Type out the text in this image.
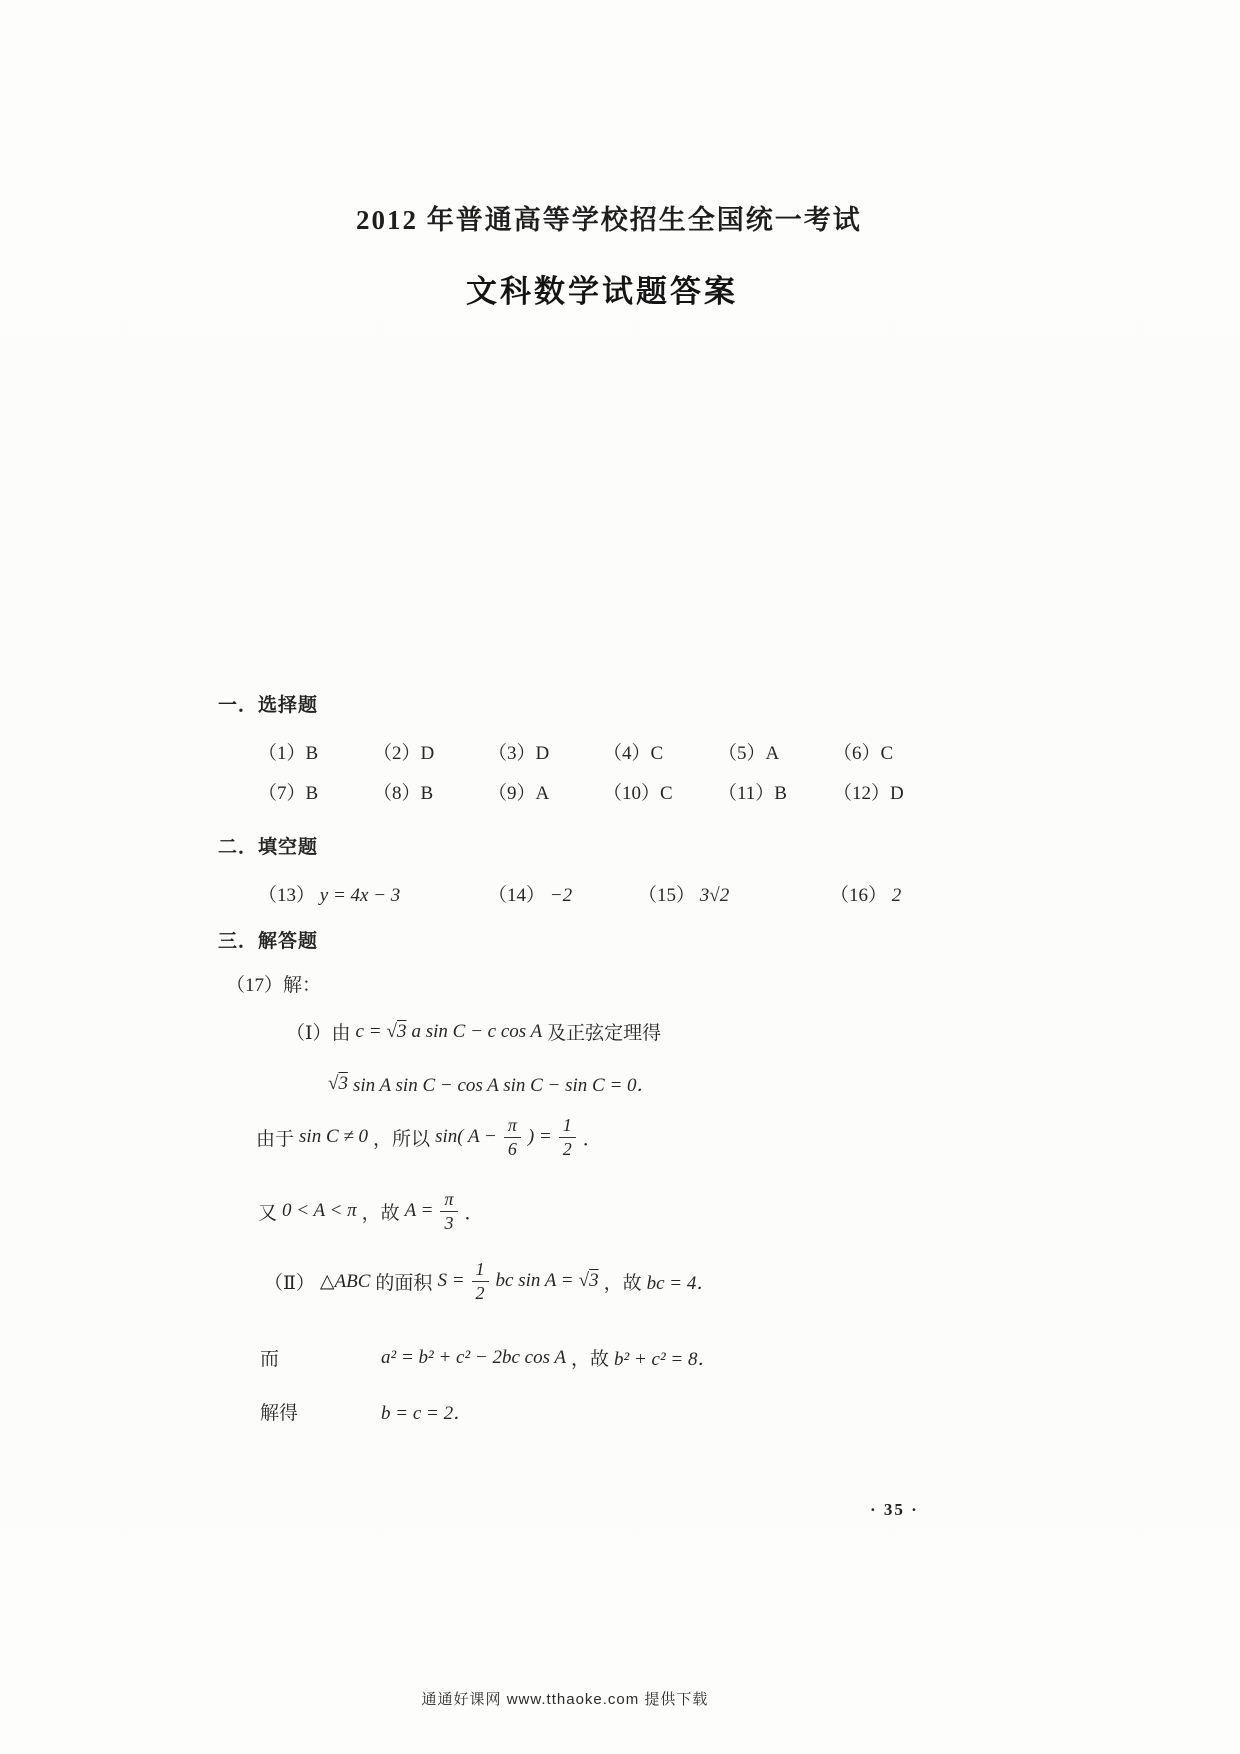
2012 年普通高等学校招生全国统一考试
文科数学试题答案
一．选择题
（1）B	（2）D	（3）D	（4）C	（5）A	（6）C
（7）B	（8）B	（9）A	（10）C	（11）B	（12）D
二．填空题
（13） y = 4x − 3	（14） −2	（15） 3√2	（16） 2
三．解答题
（17）解：
（Ⅰ）由 c = √ 3 a sin C − c cos A 及正弦定理得
√ 3 sin A sin C − cos A sin C − sin C = 0．
由于 sin C ≠ 0 ，所以 sin( $A - \frac{\pi}{6}$ ) = $\frac{1}{2}$ ．
又 0 < A < π ，故 $A = \frac{\pi}{3}$ ．
（Ⅱ） △ABC 的面积 $S = \frac{1}{2}$ bc sin A = √ 3 ，故 bc = 4．
而	a² = b² + c² − 2bc cos A ，故 b² + c² = 8．
解得	b = c = 2．
· 35 ·
通通好课网 www.tthaoke.com 提供下载
